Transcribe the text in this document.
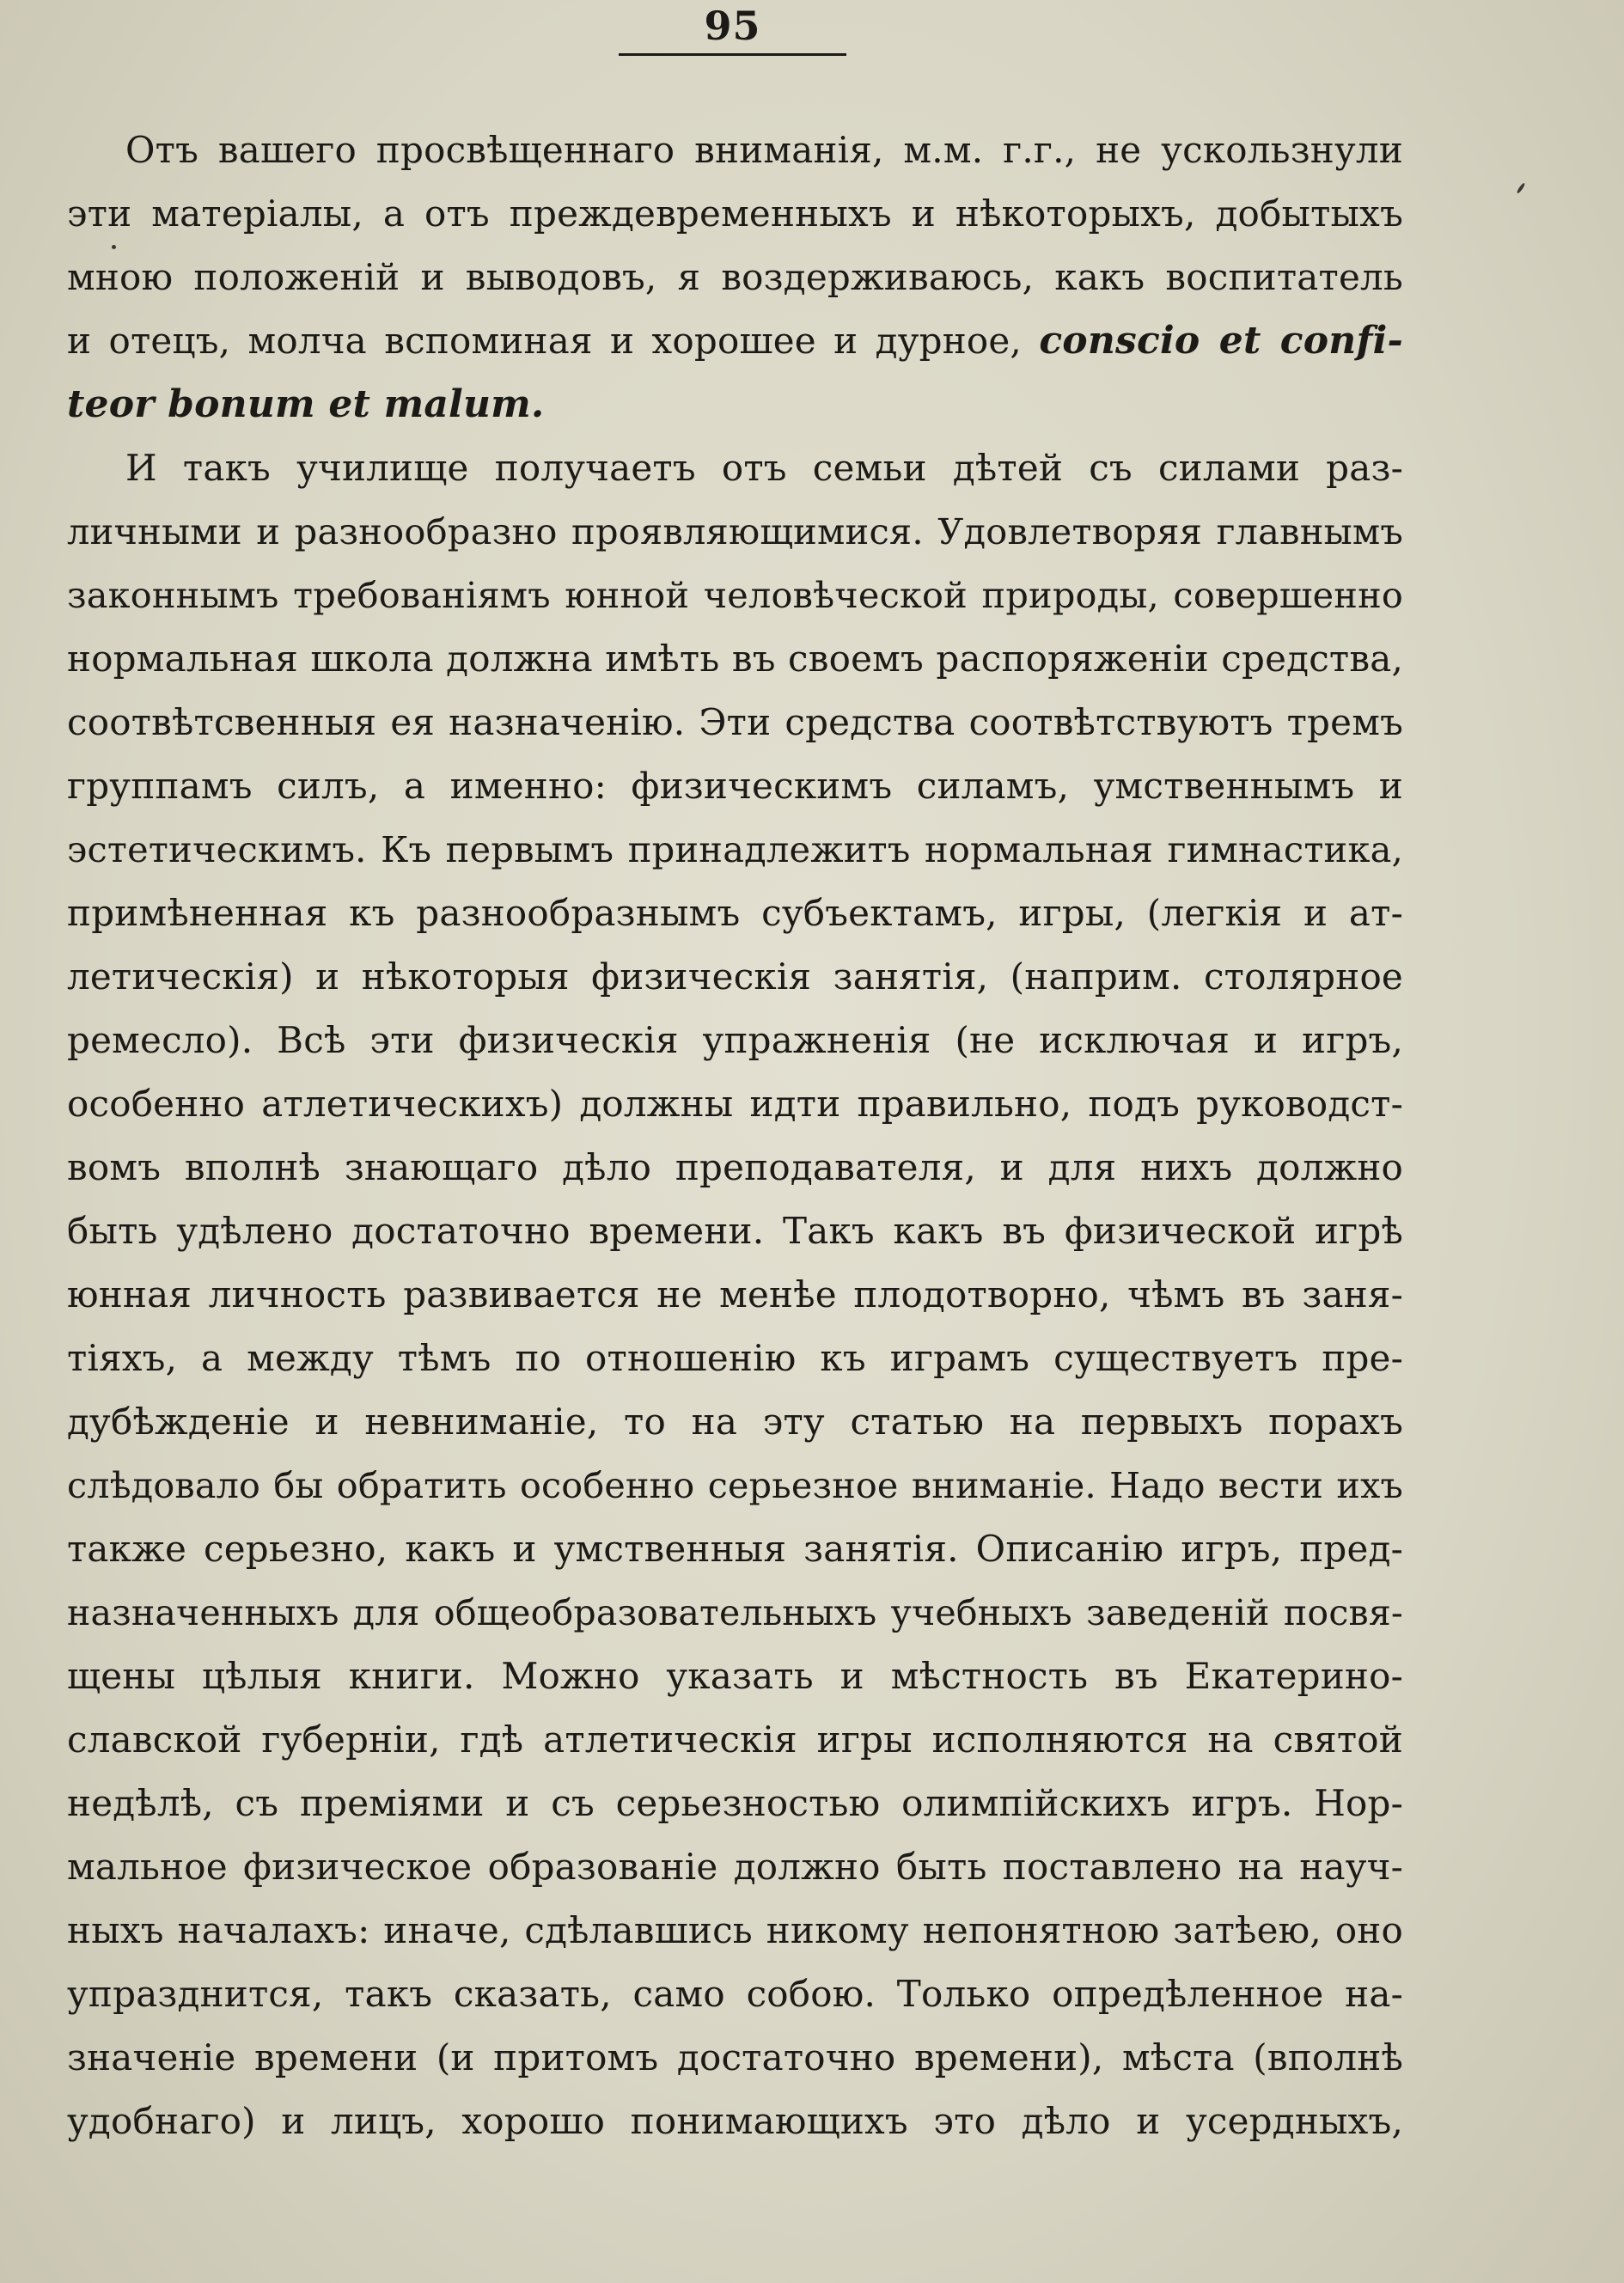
95
Отъ вашего просвѣщеннаго вниманія, м.м. г.г., не ускользнули
эти матеріалы, а отъ преждевременныхъ и нѣкоторыхъ, добытыхъ
мною положеній и выводовъ, я воздерживаюсь, какъ воспитатель
и отецъ, молча вспоминая и хорошее и дурное, consсіо et confi-
teor bonum et malum.
И такъ училище получаетъ отъ семьи дѣтей съ силами раз-
личными и разнообразно проявляющимися. Удовлетворяя главнымъ
законнымъ требованіямъ юнной человѣческой природы, совершенно
нормальная школа должна имѣть въ своемъ распоряженіи средства,
соотвѣтсвенныя ея назначенію. Эти средства соотвѣтствуютъ тремъ
группамъ силъ, а именно: физическимъ силамъ, умственнымъ и
эстетическимъ. Къ первымъ принадлежитъ нормальная гимнастика,
примѣненная къ разнообразнымъ субъектамъ, игры, (легкія и ат-
летическія) и нѣкоторыя физическія занятія, (наприм. столярное
ремесло). Всѣ эти физическія упражненія (не исключая и игръ,
особенно атлетическихъ) должны идти правильно, подъ руководст-
вомъ вполнѣ знающаго дѣло преподавателя, и для нихъ должно
быть удѣлено достаточно времени. Такъ какъ въ физической игрѣ
юнная личность развивается не менѣе плодотворно, чѣмъ въ заня-
тіяхъ, а между тѣмъ по отношенію къ играмъ существуетъ пре-
дубѣжденіе и невниманіе, то на эту статью на первыхъ порахъ
слѣдовало бы обратить особенно серьезное вниманіе. Надо вести ихъ
также серьезно, какъ и умственныя занятія. Описанію игръ, пред-
назначенныхъ для общеобразовательныхъ учебныхъ заведеній посвя-
щены цѣлыя книги. Можно указать и мѣстность въ Екатерино-
славской губерніи, гдѣ атлетическія игры исполняются на святой
недѣлѣ, съ преміями и съ серьезностью олимпійскихъ игръ. Нор-
мальное физическое образованіе должно быть поставлено на науч-
ныхъ началахъ: иначе, сдѣлавшись никому непонятною затѣею, оно
упразднится, такъ сказать, само собою. Только опредѣленное на-
значеніе времени (и притомъ достаточно времени), мѣста (вполнѣ
удобнаго) и лицъ, хорошо понимающихъ это дѣло и усердныхъ,
